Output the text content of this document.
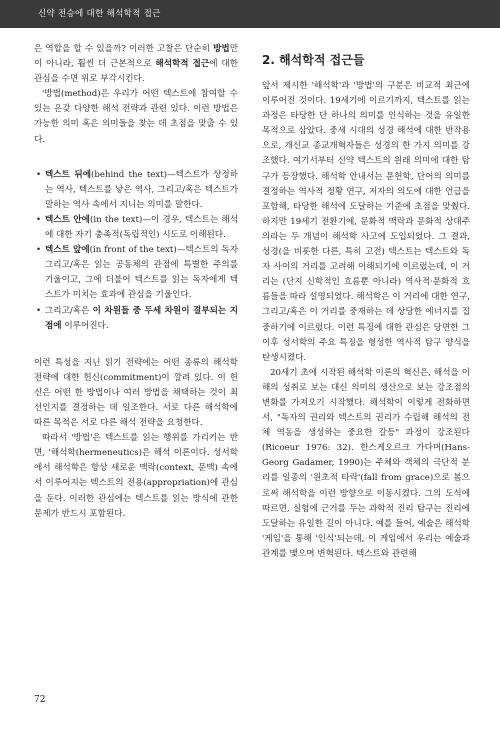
신약 전승에 대한 해석학적 접근

은 역할을 할 수 있을까? 이러한 고찰은 단순히 방법만이 아니라, 훨씬 더 근본적으로 해석학적 접근에 대한 관심을 수면 위로 부각시킨다.

'방법(method)은 우리가 어떤 텍스트에 참여할 수 있는 온갖 다양한 해석 전략과 관련 있다. 이런 방법은 가능한 의미 혹은 의미들을 찾는 데 초점을 맞출 수 있다.

• 텍스트 뒤에(behind the text)—텍스트가 상정하는 역사, 텍스트를 낳은 역사, 그리고/혹은 텍스트가 말하는 역사 속에서 지니는 의미를 말한다.
• 텍스트 안에(in the text)—이 경우, 텍스트는 해석에 대한 자기 충족적(독립적인) 시도로 이해된다.
• 텍스트 앞에(in front of the text)—텍스트의 독자 그리고/혹은 읽는 공동체의 관점에 특별한 주의를 기울이고, 그에 더불어 텍스트를 읽는 독자에게 텍스트가 미치는 효과에 관심을 기울인다.
• 그리고/혹은 이 차원들 중 두세 차원이 결부되는 지점에 이루어진다.

이런 특성을 지닌 읽기 전략에는 어떤 종류의 해석학 전략에 대한 헌신(commitment)이 깔려 있다. 이 헌신은 어떤 한 방법이나 여러 방법을 채택하는 것이 최선인지를 결정하는 데 일조한다. 서로 다른 해석학에 따른 목적은 서로 다른 해석 전략을 요청한다.

따라서 '방법'은 텍스트를 읽는 행위를 가리키는 반면, '해석학(hermeneutics)은 해석 이론이다. 성서학에서 해석학은 항상 새로운 맥락(context, 문맥) 속에서 이루어지는 텍스트의 전용(appropriation)에 관심을 둔다. 이러한 관심에는 텍스트를 읽는 방식에 관한 문제가 반드시 포함된다.

2. 해석학적 접근들

앞서 제시한 '해석학'과 '방법'의 구분은 비교적 최근에 이루어진 것이다. 19세기에 이르기까지, 텍스트를 읽는 과정은 타당한 단 하나의 의미를 인식하는 것을 유일한 목적으로 삼았다. 중세 시대의 성경 해석에 대한 반작용으로, 개신교 종교개혁자들은 성경의 한 가지 의미를 강조했다. 여기서부터 신약 텍스트의 원래 의미에 대한 탐구가 등장했다. 해석학 안내서는 문헌학, 단어의 의미를 결정하는 역사적 정황 연구, 저자의 의도에 대한 언급을 포함해, 타당한 해석에 도달하는 기준에 초점을 맞췄다. 하지만 19세기 전환기에, 문화적 맥락과 문화적 상대주의라는 두 개념이 해석학 사고에 도입되었다. 그 결과, 성경(을 비롯한 다른, 특히 고전) 텍스트는 텍스트와 독자 사이의 거리를 고려해 이해되기에 이르렀는데, 이 거리는 (단지 신학적인 흐름뿐 아니라) 역사적·문화적 흐름들을 따라 설명되었다. 해석학은 이 거리에 대한 연구, 그리고/혹은 이 거리를 중재하는 데 상당한 에너지를 집중하기에 이르렀다. 이런 특징에 대한 관심은 당면한 그 이후 성서학의 주요 특징을 형성한 역사적 탐구 양식을 탄생시켰다.

20세기 초에 시작된 해석학 이론의 혁신은, 해석을 이해의 성취로 보는 대신 의미의 생산으로 보는 강조점의 변화를 가져오기 시작했다. 해석학이 이렇게 전화하면서, "독자의 권리와 텍스트의 권리가 수립해 해석의 전체 역동을 생성하는 중요한 갈등" 과정이 강조된다(Ricoeur 1976: 32). 한스게오르크 가다머(Hans-Georg Gadamer, 1990)는 주체와 객체의 극단적 분리를 일종의 '원초적 타락'(fall from grace)으로 봄으로써 해석학을 이런 방향으로 이동시켰다. 그의 도식에 따르면, 실험에 근거를 두는 과학적 진리 탐구는 진리에 도달하는 유일한 길이 아니다. 예를 들어, 예술은 해석학 '게임'을 통해 '인식'되는데, 이 게임에서 우리는 예술과 관계를 맺으며 변혁된다. 텍스트와 관련해

72
